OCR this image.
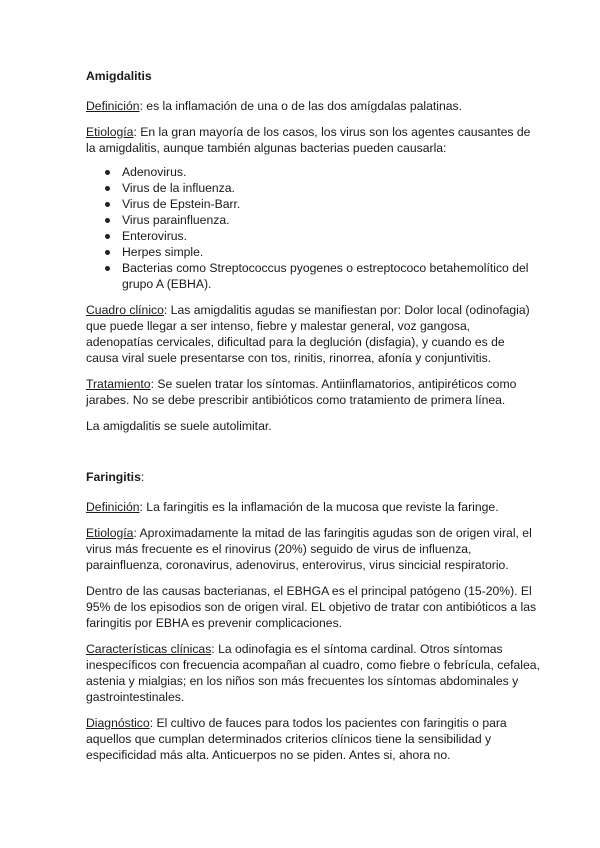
Amigdalitis

Definición: es la inflamación de una o de las dos amígdalas palatinas.

Etiología: En la gran mayoría de los casos, los virus son los agentes causantes de la amigdalitis, aunque también algunas bacterias pueden causarla:

Adenovirus.
Virus de la influenza.
Virus de Epstein-Barr.
Virus parainfluenza.
Enterovirus.
Herpes simple.
Bacterias como Streptococcus pyogenes o estreptococo betahemolítico del grupo A (EBHA).

Cuadro clínico: Las amigdalitis agudas se manifiestan por: Dolor local (odinofagia) que puede llegar a ser intenso, fiebre y malestar general, voz gangosa, adenopatías cervicales, dificultad para la deglución (disfagia), y cuando es de causa viral suele presentarse con tos, rinitis, rinorrea, afonía y conjuntivitis.

Tratamiento: Se suelen tratar los síntomas. Antiinflamatorios, antipiréticos como jarabes. No se debe prescribir antibióticos como tratamiento de primera línea.

La amigdalitis se suele autolimitar.

Faringitis:

Definición: La faringitis es la inflamación de la mucosa que reviste la faringe.

Etiología: Aproximadamente la mitad de las faringitis agudas son de origen viral, el virus más frecuente es el rinovirus (20%) seguido de virus de influenza, parainfluenza, coronavirus, adenovirus, enterovirus, virus sincicial respiratorio.

Dentro de las causas bacterianas, el EBHGA es el principal patógeno (15-20%). El 95% de los episodios son de origen viral. EL objetivo de tratar con antibióticos a las faringitis por EBHA es prevenir complicaciones.

Características clínicas: La odinofagia es el síntoma cardinal. Otros síntomas inespecíficos con frecuencia acompañan al cuadro, como fiebre o febrícula, cefalea, astenia y mialgias; en los niños son más frecuentes los síntomas abdominales y gastrointestinales.

Diagnóstico: El cultivo de fauces para todos los pacientes con faringitis o para aquellos que cumplan determinados criterios clínicos tiene la sensibilidad y especificidad más alta. Anticuerpos no se piden. Antes si, ahora no.
